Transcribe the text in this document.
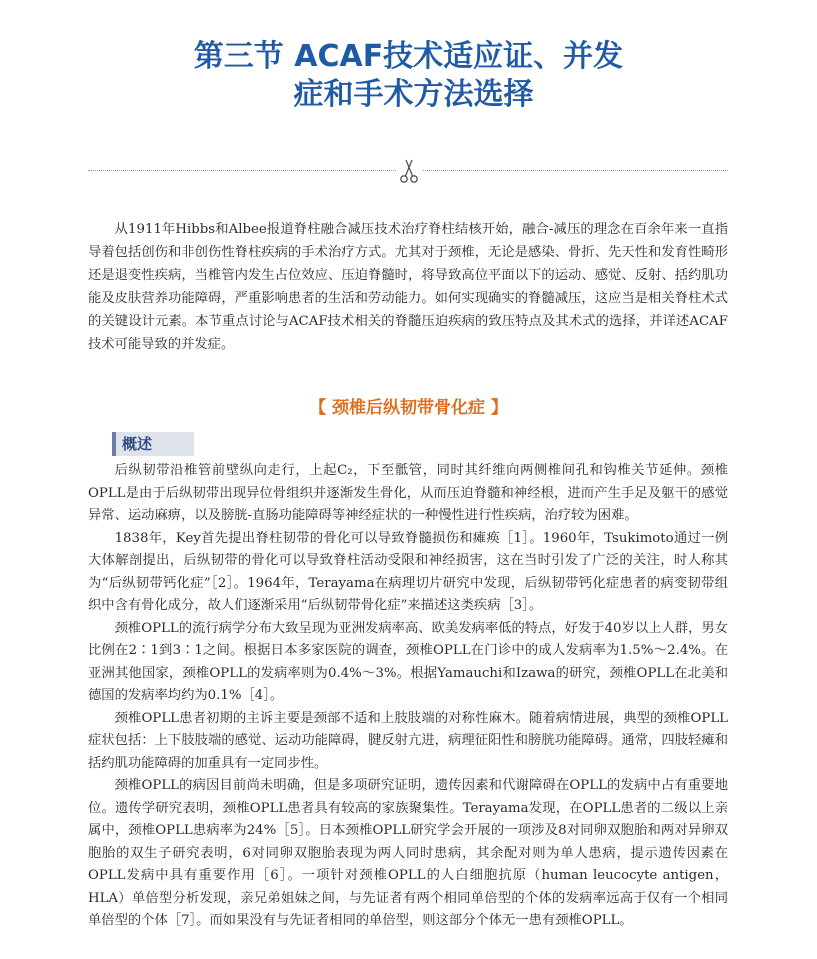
第三节 ACAF技术适应证、并发
症和手术方法选择

从1911年Hibbs和Albee报道脊柱融合减压技术治疗脊柱结核开始，融合-减压的理念在百余年来一直指导着包括创伤和非创伤性脊柱疾病的手术治疗方式。尤其对于颈椎，无论是感染、骨折、先天性和发育性畸形还是退变性疾病，当椎管内发生占位效应、压迫脊髓时，将导致高位平面以下的运动、感觉、反射、括约肌功能及皮肤营养功能障碍，严重影响患者的生活和劳动能力。如何实现确实的脊髓减压，这应当是相关脊柱术式的关键设计元素。本节重点讨论与ACAF技术相关的脊髓压迫疾病的致压特点及其术式的选择，并详述ACAF技术可能导致的并发症。

【 颈椎后纵韧带骨化症 】
概述

后纵韧带沿椎管前壁纵向走行，上起C₂，下至骶管，同时其纤维向两侧椎间孔和钩椎关节延伸。颈椎OPLL是由于后纵韧带出现异位骨组织并逐渐发生骨化，从而压迫脊髓和神经根，进而产生手足及躯干的感觉异常、运动麻痹，以及膀胱-直肠功能障碍等神经症状的一种慢性进行性疾病，治疗较为困难。

1838年，Key首先提出脊柱韧带的骨化可以导致脊髓损伤和瘫痪［1］。1960年，Tsukimoto通过一例大体解剖提出，后纵韧带的骨化可以导致脊柱活动受限和神经损害，这在当时引发了广泛的关注，时人称其为“后纵韧带钙化症”［2］。1964年，Terayama在病理切片研究中发现，后纵韧带钙化症患者的病变韧带组织中含有骨化成分，故人们逐渐采用“后纵韧带骨化症”来描述这类疾病［3］。

颈椎OPLL的流行病学分布大致呈现为亚洲发病率高、欧美发病率低的特点，好发于40岁以上人群，男女比例在2∶1到3∶1之间。根据日本多家医院的调查，颈椎OPLL在门诊中的成人发病率为1.5%～2.4%。在亚洲其他国家，颈椎OPLL的发病率则为0.4%～3%。根据Yamauchi和Izawa的研究，颈椎OPLL在北美和德国的发病率均约为0.1%［4］。

颈椎OPLL患者初期的主诉主要是颈部不适和上肢肢端的对称性麻木。随着病情进展，典型的颈椎OPLL症状包括：上下肢肢端的感觉、运动功能障碍，腱反射亢进，病理征阳性和膀胱功能障碍。通常，四肢轻瘫和括约肌功能障碍的加重具有一定同步性。

颈椎OPLL的病因目前尚未明确，但是多项研究证明，遗传因素和代谢障碍在OPLL的发病中占有重要地位。遗传学研究表明，颈椎OPLL患者具有较高的家族聚集性。Terayama发现，在OPLL患者的二级以上亲属中，颈椎OPLL患病率为24%［5］。日本颈椎OPLL研究学会开展的一项涉及8对同卵双胞胎和两对异卵双胞胎的双生子研究表明，6对同卵双胞胎表现为两人同时患病，其余配对则为单人患病，提示遗传因素在OPLL发病中具有重要作用［6］。一项针对颈椎OPLL的人白细胞抗原（human leucocyte antigen，HLA）单倍型分析发现，亲兄弟姐妹之间，与先证者有两个相同单倍型的个体的发病率远高于仅有一个相同单倍型的个体［7］。而如果没有与先证者相同的单倍型，则这部分个体无一患有颈椎OPLL。
